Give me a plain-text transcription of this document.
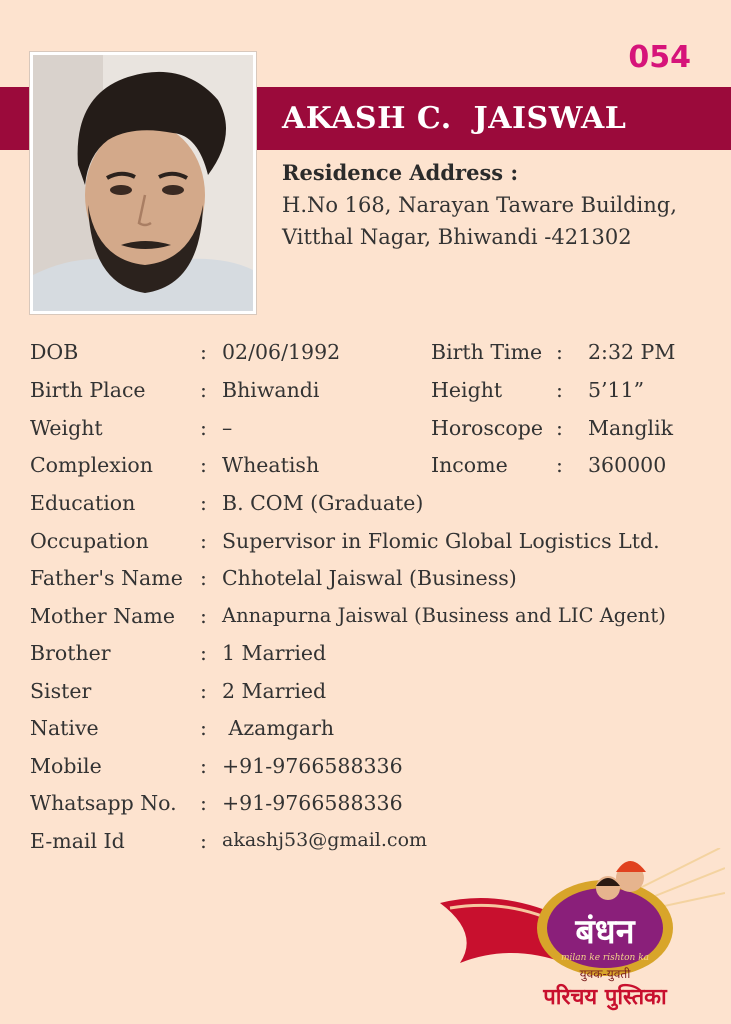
054
AKASH C.  JAISWAL
Residence Address :
H.No 168, Narayan Taware Building,
Vitthal Nagar, Bhiwandi -421302
DOB	: 02/06/1992	Birth Time : 2:32 PM
Birth Place	: Bhiwandi	Height	: 5’11”
Weight	: –	Horoscope : Manglik
Complexion : Wheatish	Income : 360000
Education	: B. COM (Graduate)
Occupation	: Supervisor in Flomic Global Logistics Ltd.
Father's Name : Chhotelal Jaiswal (Business)
Mother Name : Annapurna Jaiswal (Business and LIC Agent)
Brother	: 1 Married
Sister	: 2 Married
Native	: Azamgarh
Mobile	: +91-9766588336
Whatsapp No. : +91-9766588336
E-mail Id	: akashj53@gmail.com
बंधन
milan ke rishton ka
युवक-युवती
परिचय पुस्तिका
